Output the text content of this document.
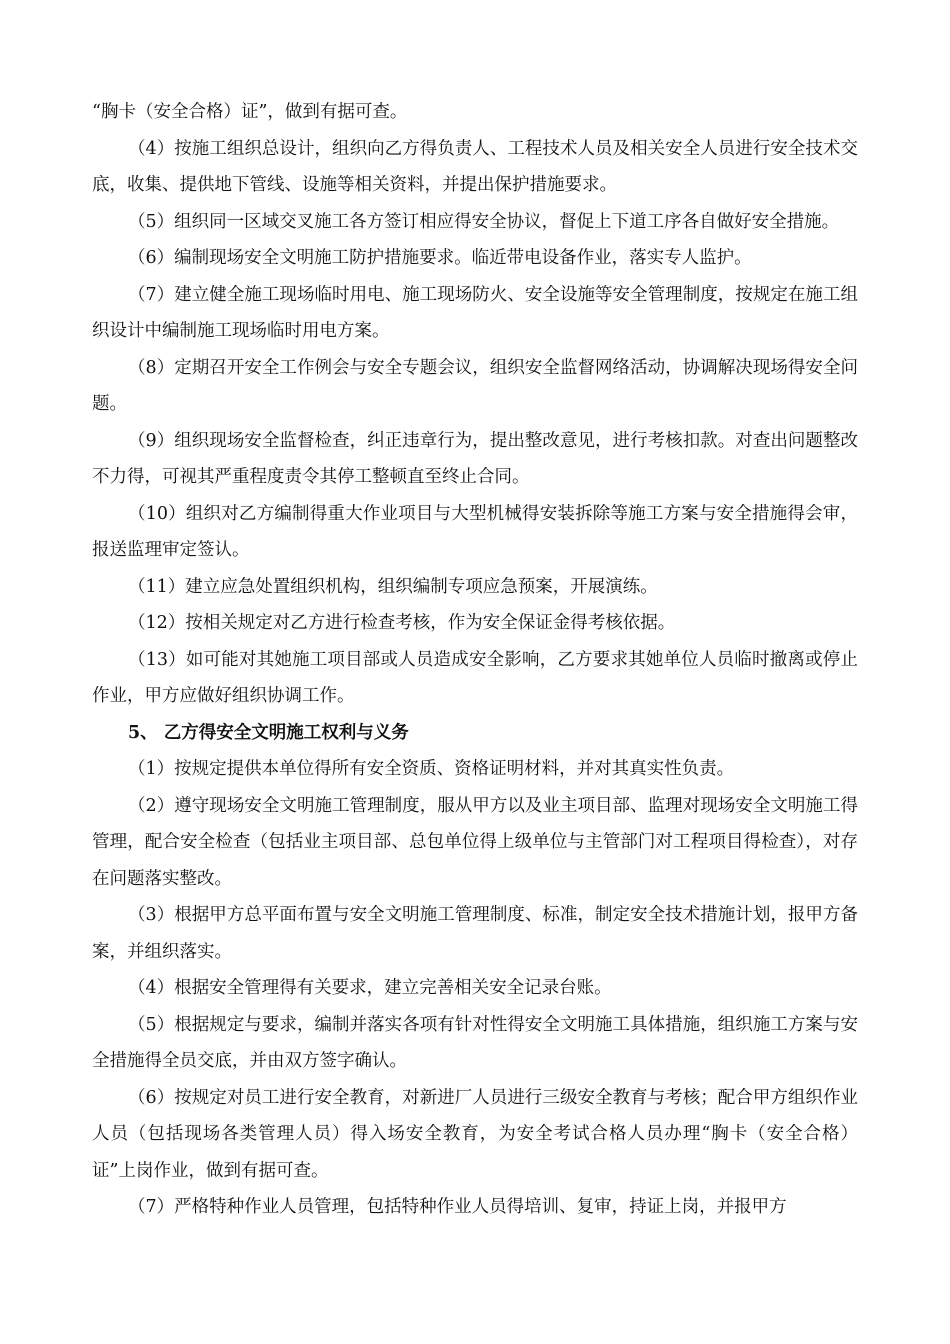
“胸卡（安全合格）证”，做到有据可查。

（4）按施工组织总设计，组织向乙方得负责人、工程技术人员及相关安全人员进行安全技术交底，收集、提供地下管线、设施等相关资料，并提出保护措施要求。

（5）组织同一区域交叉施工各方签订相应得安全协议，督促上下道工序各自做好安全措施。

（6）编制现场安全文明施工防护措施要求。临近带电设备作业，落实专人监护。

（7）建立健全施工现场临时用电、施工现场防火、安全设施等安全管理制度，按规定在施工组织设计中编制施工现场临时用电方案。

（8）定期召开安全工作例会与安全专题会议，组织安全监督网络活动，协调解决现场得安全问题。

（9）组织现场安全监督检查，纠正违章行为，提出整改意见，进行考核扣款。对查出问题整改不力得，可视其严重程度责令其停工整顿直至终止合同。

（10）组织对乙方编制得重大作业项目与大型机械得安装拆除等施工方案与安全措施得会审，报送监理审定签认。

（11）建立应急处置组织机构，组织编制专项应急预案，开展演练。

（12）按相关规定对乙方进行检查考核，作为安全保证金得考核依据。

（13）如可能对其她施工项目部或人员造成安全影响，乙方要求其她单位人员临时撤离或停止作业，甲方应做好组织协调工作。

5、 乙方得安全文明施工权利与义务

（1）按规定提供本单位得所有安全资质、资格证明材料，并对其真实性负责。

（2）遵守现场安全文明施工管理制度，服从甲方以及业主项目部、监理对现场安全文明施工得管理，配合安全检查（包括业主项目部、总包单位得上级单位与主管部门对工程项目得检查），对存在问题落实整改。

（3）根据甲方总平面布置与安全文明施工管理制度、标准，制定安全技术措施计划，报甲方备案，并组织落实。

（4）根据安全管理得有关要求，建立完善相关安全记录台账。

（5）根据规定与要求，编制并落实各项有针对性得安全文明施工具体措施，组织施工方案与安全措施得全员交底，并由双方签字确认。

（6）按规定对员工进行安全教育，对新进厂人员进行三级安全教育与考核；配合甲方组织作业人员（包括现场各类管理人员）得入场安全教育，为安全考试合格人员办理“胸卡（安全合格）证”上岗作业，做到有据可查。

（7）严格特种作业人员管理，包括特种作业人员得培训、复审，持证上岗，并报甲方
